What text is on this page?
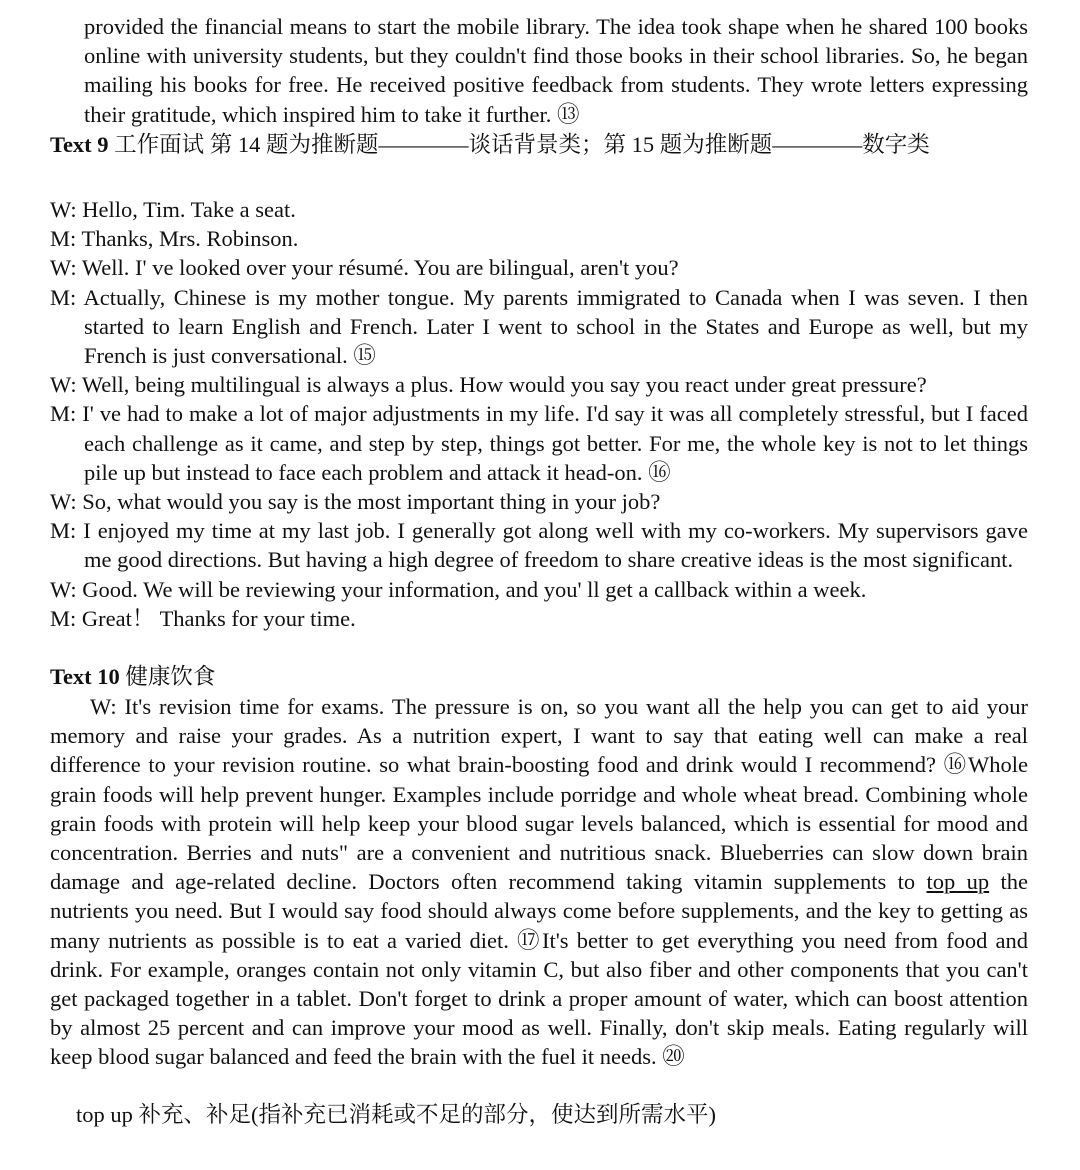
provided the financial means to start the mobile library. The idea took shape when he shared 100 books online with university students, but they couldn't find those books in their school libraries. So, he began mailing his books for free. He received positive feedback from students. They wrote letters expressing their gratitude, which inspired him to take it further. ⑬

Text 9 工作面试 第 14 题为推断题————谈话背景类；第 15 题为推断题————数字类

W: Hello, Tim. Take a seat.

M: Thanks, Mrs. Robinson.

W: Well. I' ve looked over your résumé. You are bilingual, aren't you?

M: Actually, Chinese is my mother tongue. My parents immigrated to Canada when I was seven. I then started to learn English and French. Later I went to school in the States and Europe as well, but my French is just conversational. ⑮

W: Well, being multilingual is always a plus. How would you say you react under great pressure?

M: I' ve had to make a lot of major adjustments in my life. I'd say it was all completely stressful, but I faced each challenge as it came, and step by step, things got better. For me, the whole key is not to let things pile up but instead to face each problem and attack it head-on. ⑯

W: So, what would you say is the most important thing in your job?

M: I enjoyed my time at my last job. I generally got along well with my co-workers. My supervisors gave me good directions. But having a high degree of freedom to share creative ideas is the most significant.

W: Good. We will be reviewing your information, and you' ll get a callback within a week.

M: Great！ Thanks for your time.

Text 10 健康饮食

W: It's revision time for exams. The pressure is on, so you want all the help you can get to aid your memory and raise your grades. As a nutrition expert, I want to say that eating well can make a real difference to your revision routine. so what brain-boosting food and drink would I recommend? ⑯Whole grain foods will help prevent hunger. Examples include porridge and whole wheat bread. Combining whole grain foods with protein will help keep your blood sugar levels balanced, which is essential for mood and concentration. Berries and nuts" are a convenient and nutritious snack. Blueberries can slow down brain damage and age-related decline. Doctors often recommend taking vitamin supplements to top up the nutrients you need. But I would say food should always come before supplements, and the key to getting as many nutrients as possible is to eat a varied diet. ⑰It's better to get everything you need from food and drink. For example, oranges contain not only vitamin C, but also fiber and other components that you can't get packaged together in a tablet. Don't forget to drink a proper amount of water, which can boost attention by almost 25 percent and can improve your mood as well. Finally, don't skip meals. Eating regularly will keep blood sugar balanced and feed the brain with the fuel it needs. ⑳

top up 补充、补足(指补充已消耗或不足的部分，使达到所需水平)
